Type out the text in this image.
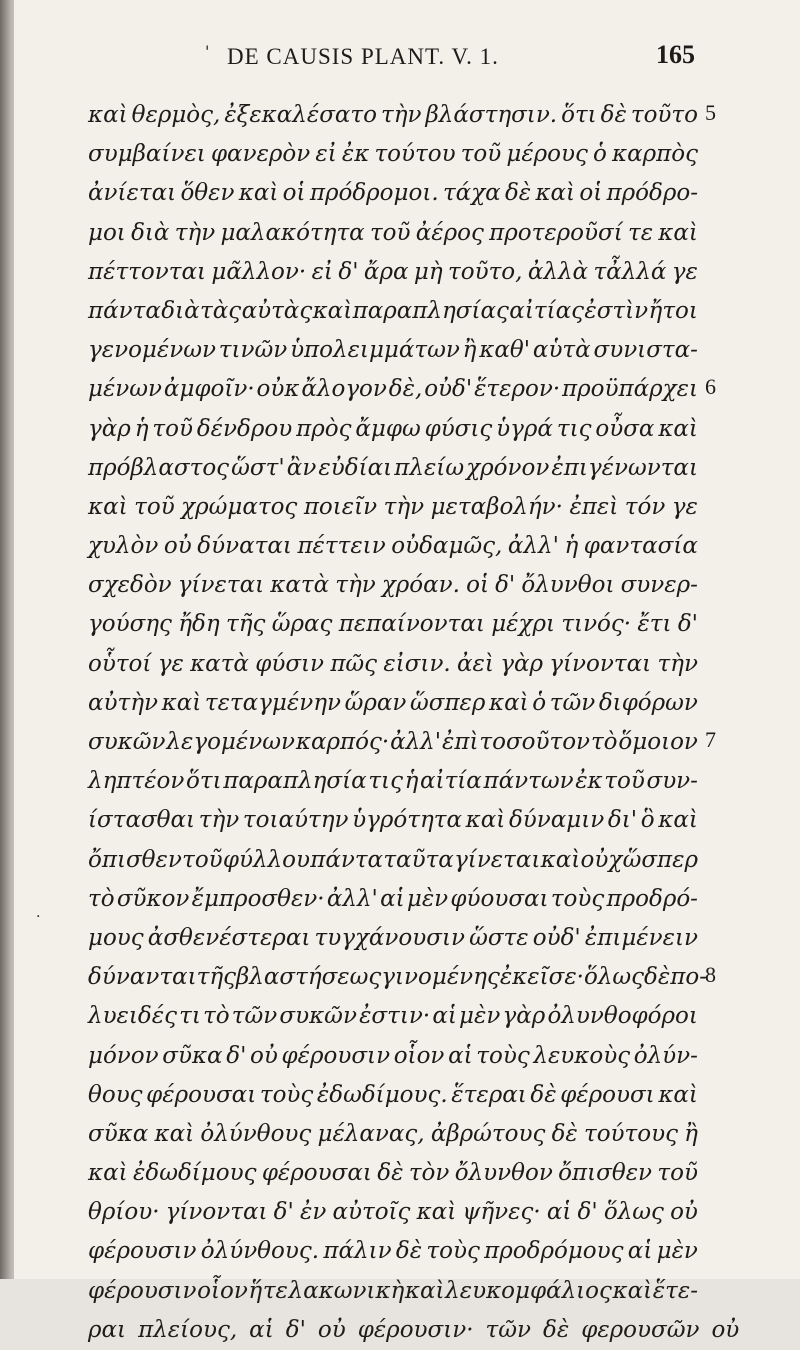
' DE CAUSIS PLANT. V. 1.	165
καὶ θερμὸς, ἐξεκαλέσατο τὴν βλάστησιν. ὅτι δὲ τοῦτο
συμβαίνει φανερὸν εἰ ἐκ τούτου τοῦ μέρους ὁ καρπὸς
ἀνίεται ὅθεν καὶ οἱ πρόδρομοι. τάχα δὲ καὶ οἱ πρόδρο-
μοι διὰ τὴν μαλακότητα τοῦ ἀέρος προτεροῦσί τε καὶ
πέττονται μᾶλλον· εἰ δ' ἄρα μὴ τοῦτο, ἀλλὰ τἆλλά γε
πάντα διὰ τὰς αὐτὰς καὶ παραπλησίας αἰτίας ἐστὶν ἤτοι
γενομένων τινῶν ὑπολειμμάτων ἢ καθ' αὑτὰ συνιστα-
μένων ἀμφοῖν· οὐκ ἄλογον δὲ, οὐδ' ἕτερον· προϋπάρχει
γὰρ ἡ τοῦ δένδρου πρὸς ἄμφω φύσις ὑγρά τις οὖσα καὶ
πρόβλαστος ὥστ' ἂν εὐδίαι πλείω χρόνον ἐπιγένωνται
καὶ τοῦ χρώματος ποιεῖν τὴν μεταβολήν· ἐπεὶ τόν γε
χυλὸν οὐ δύναται πέττειν οὐδαμῶς, ἀλλ' ἡ φαντασία
σχεδὸν γίνεται κατὰ τὴν χρόαν. οἱ δ' ὄλυνθοι συνερ-
γούσης ἤδη τῆς ὥρας πεπαίνονται μέχρι τινός· ἔτι δ'
οὗτοί γε κατὰ φύσιν πῶς εἰσιν. ἀεὶ γὰρ γίνονται τὴν
αὐτὴν καὶ τεταγμένην ὥραν ὥσπερ καὶ ὁ τῶν διφόρων
συκῶν λεγομένων καρπός· ἀλλ' ἐπὶ τοσοῦτον τὸ ὅμοιον
ληπτέον ὅτι παραπλησία τις ἡ αἰτία πάντων ἐκ τοῦ συν-
ίστασθαι τὴν τοιαύτην ὑγρότητα καὶ δύναμιν δι' ὃ καὶ
ὄπισθεν τοῦ φύλλου πάντα ταῦτα γίνεται καὶ οὐχ ὥσπερ
τὸ σῦκον ἔμπροσθεν· ἀλλ' αἱ μὲν φύουσαι τοὺς προδρό-
μους ἀσθενέστεραι τυγχάνουσιν ὥστε οὐδ' ἐπιμένειν
δύνανται τῆς βλαστήσεως γινομένης ἐκεῖσε· ὅλως δὲ πο-
λυειδές τι τὸ τῶν συκῶν ἐστιν· αἱ μὲν γὰρ ὀλυνθοφόροι
μόνον σῦκα δ' οὐ φέρουσιν οἷον αἱ τοὺς λευκοὺς ὀλύν-
θους φέρουσαι τοὺς ἐδωδίμους. ἕτεραι δὲ φέρουσι καὶ
σῦκα καὶ ὀλύνθους μέλανας, ἀβρώτους δὲ τούτους ἢ
καὶ ἐδωδίμους φέρουσαι δὲ τὸν ὄλυνθον ὄπισθεν τοῦ
θρίου· γίνονται δ' ἐν αὐτοῖς καὶ ψῆνες· αἱ δ' ὅλως οὐ
φέρουσιν ὀλύνθους. πάλιν δὲ τοὺς προδρόμους αἱ μὲν
φέρουσιν οἷον ἥ τε λακωνικὴ καὶ λευκομφάλιος καὶ ἕτε-
ραι πλείους, αἱ δ' οὐ φέρουσιν· τῶν δὲ φερουσῶν οὐ
.
5
6
7
8
